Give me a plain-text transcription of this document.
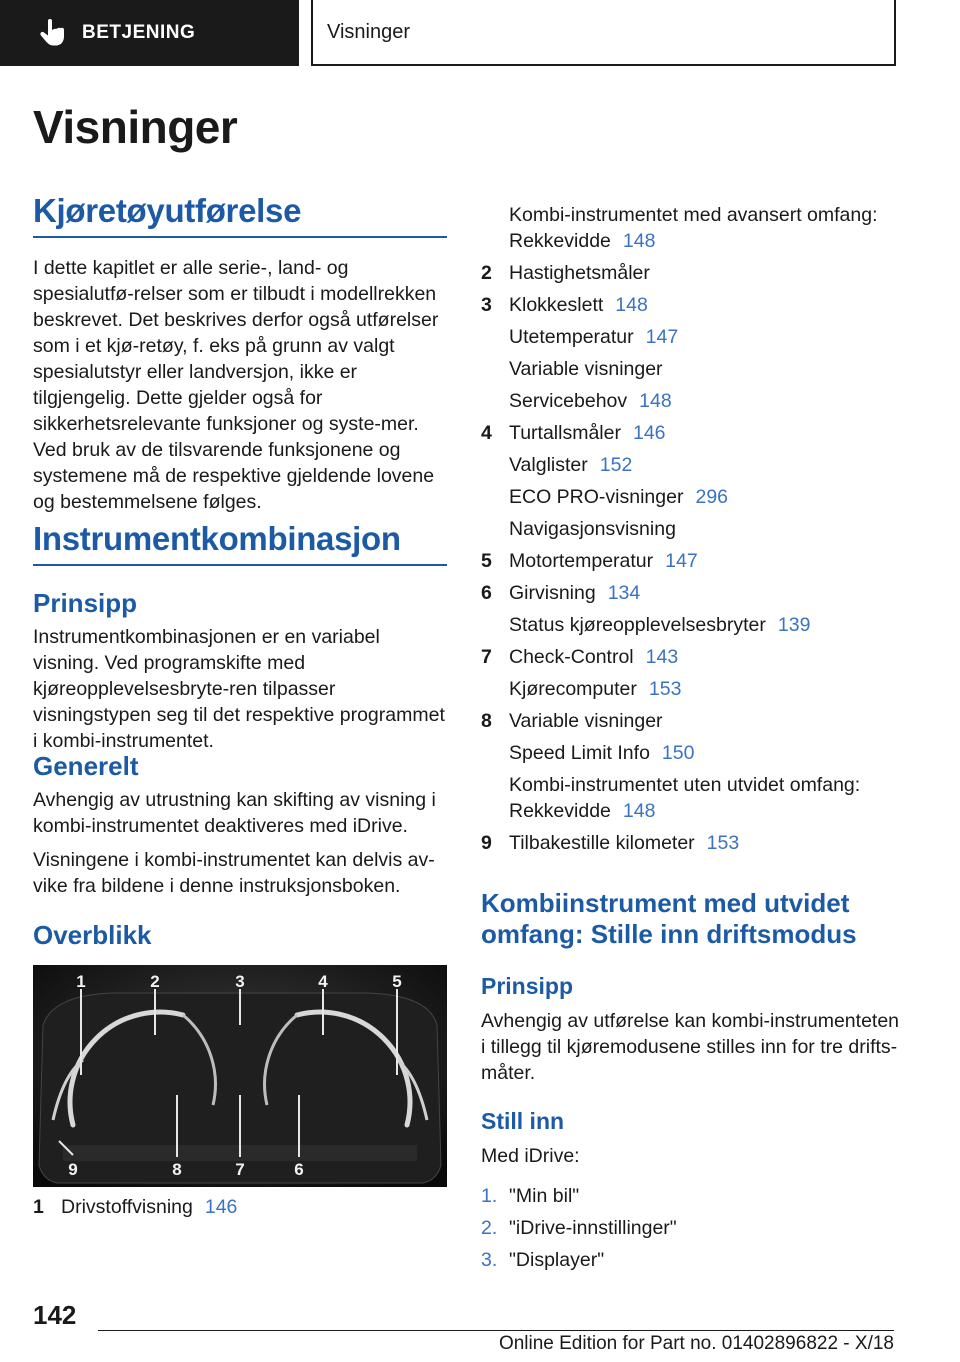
BETJENING	Visninger
Visninger
Kjøretøyutførelse

I dette kapitlet er alle serie-, land- og spesialutfø-relser som er tilbudt i modellrekken beskrevet. Det beskrives derfor også utførelser som i et kjø-retøy, f. eks på grunn av valgt spesialutstyr eller landversjon, ikke er tilgjengelig. Dette gjelder også for sikkerhetsrelevante funksjoner og syste-mer. Ved bruk av de tilsvarende funksjonene og systemene må de respektive gjeldende lovene og bestemmelsene følges.

Instrumentkombinasjon
Prinsipp

Instrumentkombinasjonen er en variabel visning. Ved programskifte med kjøreopplevelsesbryte-ren tilpasser visningstypen seg til det respektive programmet i kombi-instrumentet.

Generelt

Avhengig av utrustning kan skifting av visning i kombi-instrumentet deaktiveres med iDrive.

Visningene i kombi-instrumentet kan delvis av-vike fra bildene i denne instruksjonsboken.

Overblikk
1	2	3	4	5
9	8	7	6
1 Drivstoffvisning 146
Kombi-instrumentet med avansert omfang:
Rekkevidde 148
2 Hastighetsmåler
3 Klokkeslett 148
Utetemperatur 147
Variable visninger
Servicebehov 148
4 Turtallsmåler 146
Valglister 152
ECO PRO-visninger 296
Navigasjonsvisning
5 Motortemperatur 147
6 Girvisning 134
Status kjøreopplevelsesbryter 139
7 Check-Control 143
Kjørecomputer 153
8 Variable visninger
Speed Limit Info 150
Kombi-instrumentet uten utvidet omfang:
Rekkevidde 148
9 Tilbakestille kilometer 153
Kombiinstrument med utvidet
omfang: Stille inn driftsmodus
Prinsipp

Avhengig av utførelse kan kombi-instrumenteten i tillegg til kjøremodusene stilles inn for tre drifts-måter.

Still inn

Med iDrive:

1. "Min bil"
2. "iDrive-innstillinger"
3. "Displayer"
142
Online Edition for Part no. 01402896822 - X/18
